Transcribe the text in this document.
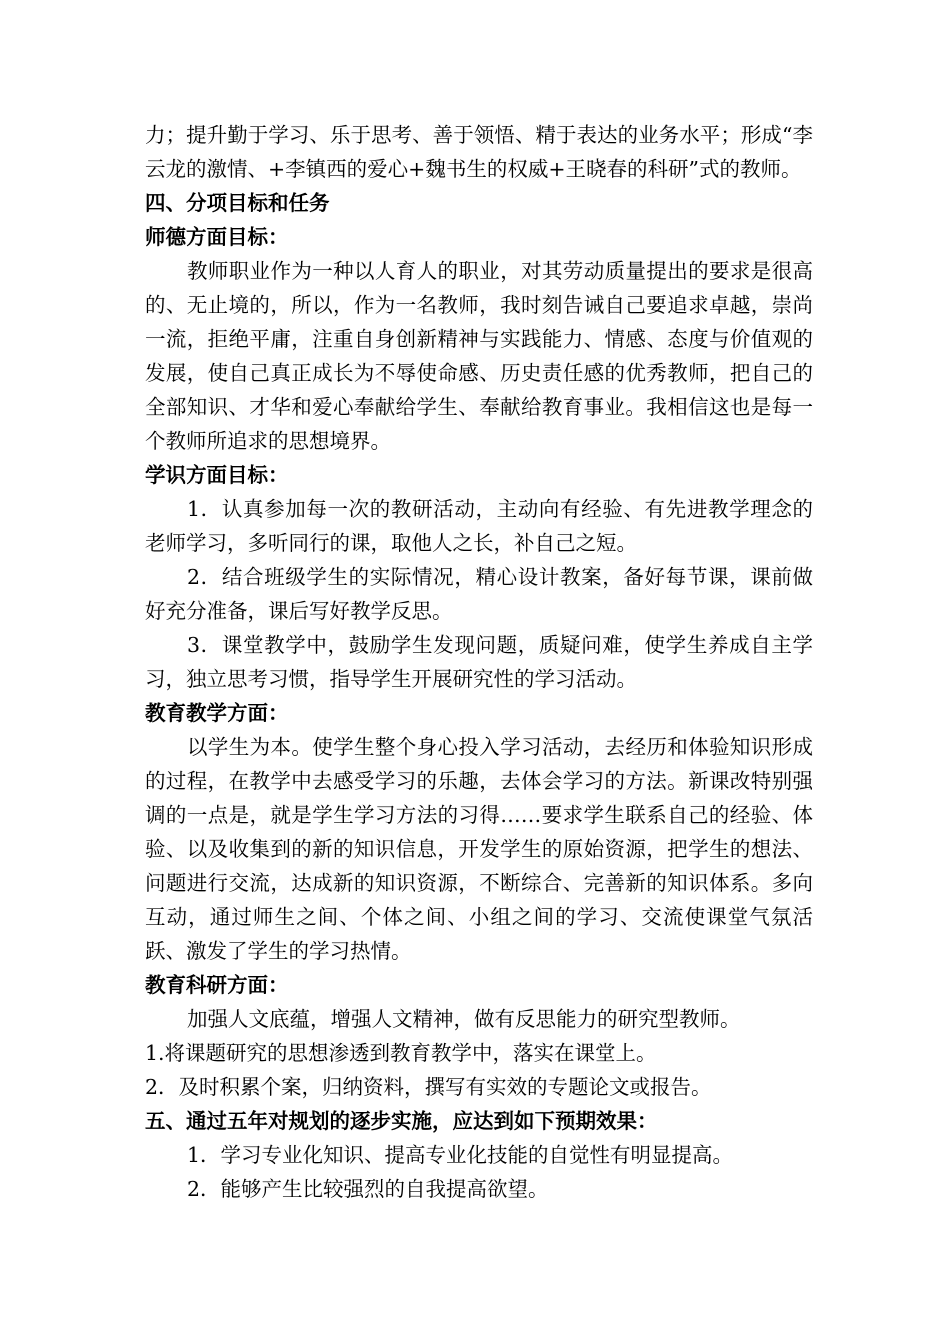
力；提升勤于学习、乐于思考、善于领悟、精于表达的业务水平；形成“李云龙的激情、+李镇西的爱心+魏书生的权威+王晓春的科研”式的教师。

四、分项目标和任务

师德方面目标：

教师职业作为一种以人育人的职业，对其劳动质量提出的要求是很高的、无止境的，所以，作为一名教师，我时刻告诫自己要追求卓越，崇尚一流，拒绝平庸，注重自身创新精神与实践能力、情感、态度与价值观的发展，使自己真正成长为不辱使命感、历史责任感的优秀教师，把自己的全部知识、才华和爱心奉献给学生、奉献给教育事业。我相信这也是每一个教师所追求的思想境界。

学识方面目标：

1．认真参加每一次的教研活动，主动向有经验、有先进教学理念的老师学习，多听同行的课，取他人之长，补自己之短。

2．结合班级学生的实际情况，精心设计教案，备好每节课，课前做好充分准备，课后写好教学反思。

3．课堂教学中，鼓励学生发现问题，质疑问难，使学生养成自主学习，独立思考习惯，指导学生开展研究性的学习活动。

教育教学方面：

以学生为本。使学生整个身心投入学习活动，去经历和体验知识形成的过程，在教学中去感受学习的乐趣，去体会学习的方法。新课改特别强调的一点是，就是学生学习方法的习得……要求学生联系自己的经验、体验、以及收集到的新的知识信息，开发学生的原始资源，把学生的想法、问题进行交流，达成新的知识资源，不断综合、完善新的知识体系。多向互动，通过师生之间、个体之间、小组之间的学习、交流使课堂气氛活跃、激发了学生的学习热情。

教育科研方面：

加强人文底蕴，增强人文精神，做有反思能力的研究型教师。

1.将课题研究的思想渗透到教育教学中，落实在课堂上。

2．及时积累个案，归纳资料，撰写有实效的专题论文或报告。

五、通过五年对规划的逐步实施，应达到如下预期效果：

1．学习专业化知识、提高专业化技能的自觉性有明显提高。

2．能够产生比较强烈的自我提高欲望。
